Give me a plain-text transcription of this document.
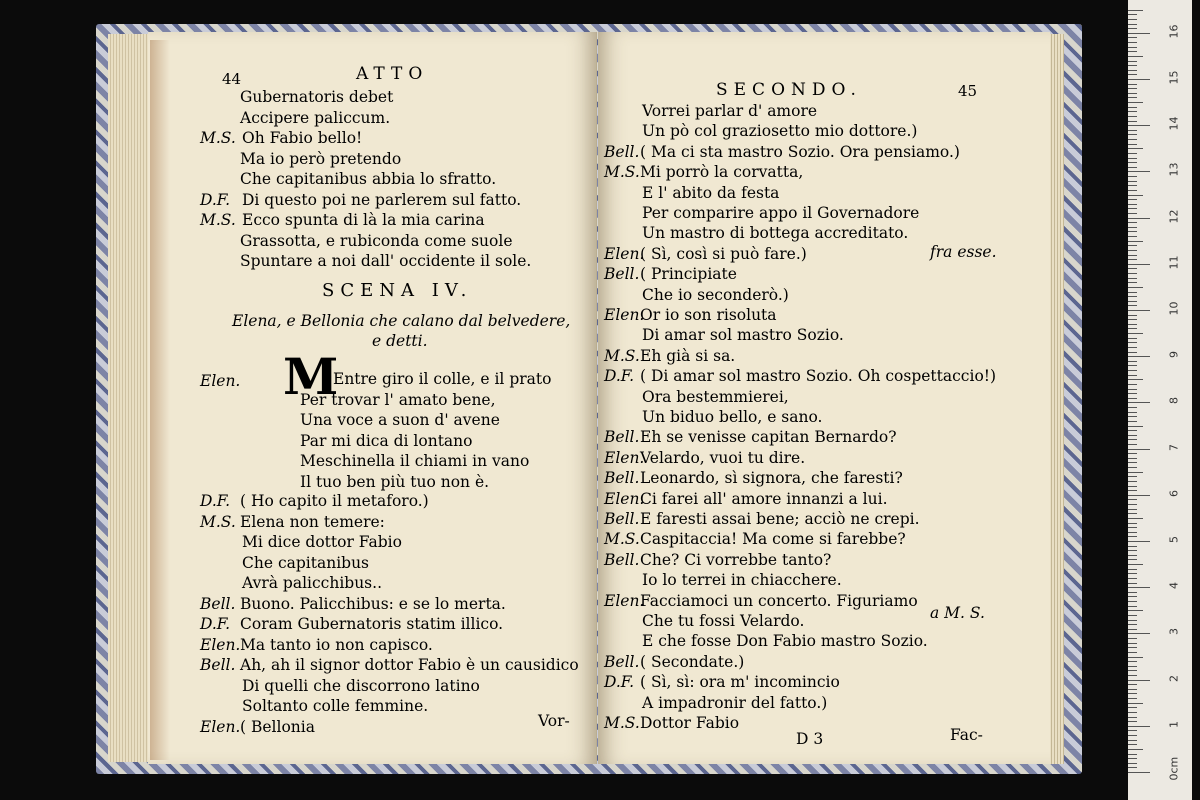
44	ATTO
Gubernatoris debet
Accipere paliccum.
M.S. Oh Fabio bello!
Ma io però pretendo
Che capitanibus abbia lo sfratto.
D.F. Di questo poi ne parlerem sul fatto.
M.S. Ecco spunta di là la mia carina
Grassotta, e rubiconda come suole
Spuntare a noi dall' occidente il sole.
SCENA IV.
Elena, e Bellonia che calano dal belvedere,
e detti.
Elen. M
Entre giro il colle, e il prato
Per trovar l' amato bene,
Una voce a suon d' avene
Par mi dica di lontano
Meschinella il chiami in vano
Il tuo ben più tuo non è.
D.F. ( Ho capito il metaforo.)
M.S. Elena non temere:
Mi dice dottor Fabio
Che capitanibus
Avrà palicchibus..
Bell. Buono. Palicchibus: e se lo merta.
D.F. Coram Gubernatoris statim illico.
Elen. Ma tanto io non capisco.
Bell. Ah, ah il signor dottor Fabio è un causidico
Di quelli che discorrono latino
Soltanto colle femmine.
Elen. ( Bellonia	Vor-
SECONDO.	45
Vorrei parlar d' amore
Un pò col graziosetto mio dottore.)
Bell. ( Ma ci sta mastro Sozio. Ora pensiamo.)
M.S. Mi porrò la corvatta,
E l' abito da festa
Per comparire appo il Governadore
Un mastro di bottega accreditato.
Elen.
( Sì, così si può fare.)
Bell. ( Principiate
Che io seconderò.)
Elen.
Or io son risoluta
Di amar sol mastro Sozio.
M.S. Eh già si sa.
D.F. ( Di amar sol mastro Sozio. Oh cospettaccio!)
Ora bestemmierei,
Un biduo bello, e sano.
Bell. Eh se venisse capitan Bernardo?
Elen.
Velardo, vuoi tu dire.
Bell. Leonardo, sì signora, che faresti?
Elen.
Ci farei all' amore innanzi a lui.
Bell. E faresti assai bene; acciò ne crepi.
M.S. Caspitaccia! Ma come si farebbe?
Bell. Che? Ci vorrebbe tanto?
Io lo terrei in chiacchere.
Elen.
Facciamoci un concerto. Figuriamo
Che tu fossi Velardo.
E che fosse Don Fabio mastro Sozio.
Bell. ( Secondate.)
D.F. ( Sì, sì: ora m' incomincio
A impadronir del fatto.)
M.S. Dottor Fabio
fra esse.
a M. S.
D 3	Fac-
0cm
1
2
3
4
5
6
7
8
9
10
11
12
13
14
15
16
